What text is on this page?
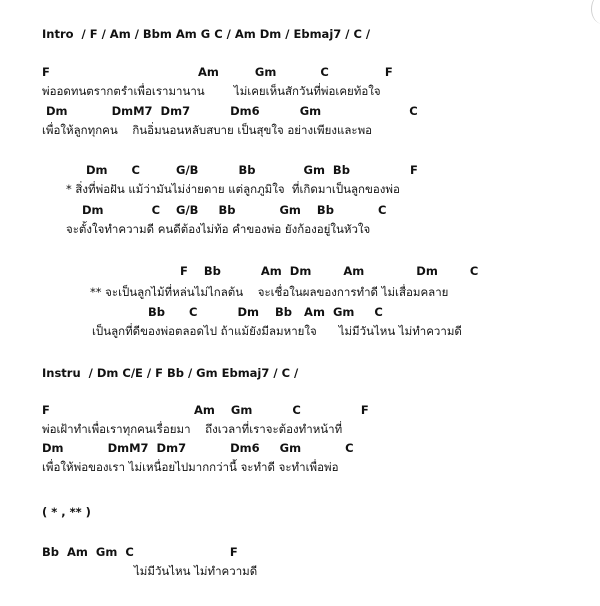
Intro  / F / Am / Bbm Am G C / Am Dm / Ebmaj7 / C /

F                                     Am         Gm           C              F

พ่ออดทนตรากตรำเพื่อเรามานาน        ไม่เคยเห็นสักวันที่พ่อเคยท้อใจ

Dm           DmM7  Dm7          Dm6          Gm                      C

เพื่อให้ลูกทุกคน    กินอิ่มนอนหลับสบาย เป็นสุขใจ อย่างเพียงและพอ

Dm      C         G/B          Bb            Gm  Bb               F

* สิ่งที่พ่อฝัน แม้ว่ามันไม่ง่ายดาย แต่ลูกภูมิใจ  ที่เกิดมาเป็นลูกของพ่อ

Dm            C    G/B     Bb           Gm    Bb           C

จะตั้งใจทำความดี คนดีต้องไม่ท้อ คำของพ่อ ยังก้องอยู่ในหัวใจ

F    Bb          Am  Dm        Am             Dm        C

** จะเป็นลูกไม้ที่หล่นไม่ไกลต้น    จะเชื่อในผลของการทำดี ไม่เสื่อมคลาย

Bb      C          Dm    Bb   Am  Gm     C

เป็นลูกที่ดีของพ่อตลอดไป ถ้าแม้ยังมีลมหายใจ      ไม่มีวันไหน ไม่ทำความดี

Instru  / Dm C/E / F Bb / Gm Ebmaj7 / C /

F                                    Am    Gm          C               F

พ่อเฝ้าทำเพื่อเราทุกคนเรื่อยมา    ถึงเวลาที่เราจะต้องทำหน้าที่

Dm           DmM7  Dm7           Dm6     Gm           C

เพื่อให้พ่อของเรา ไม่เหนื่อยไปมากกว่านี้ จะทำดี จะทำเพื่อพ่อ

( * , ** )

Bb  Am  Gm  C                        F

ไม่มีวันไหน ไม่ทำความดี
